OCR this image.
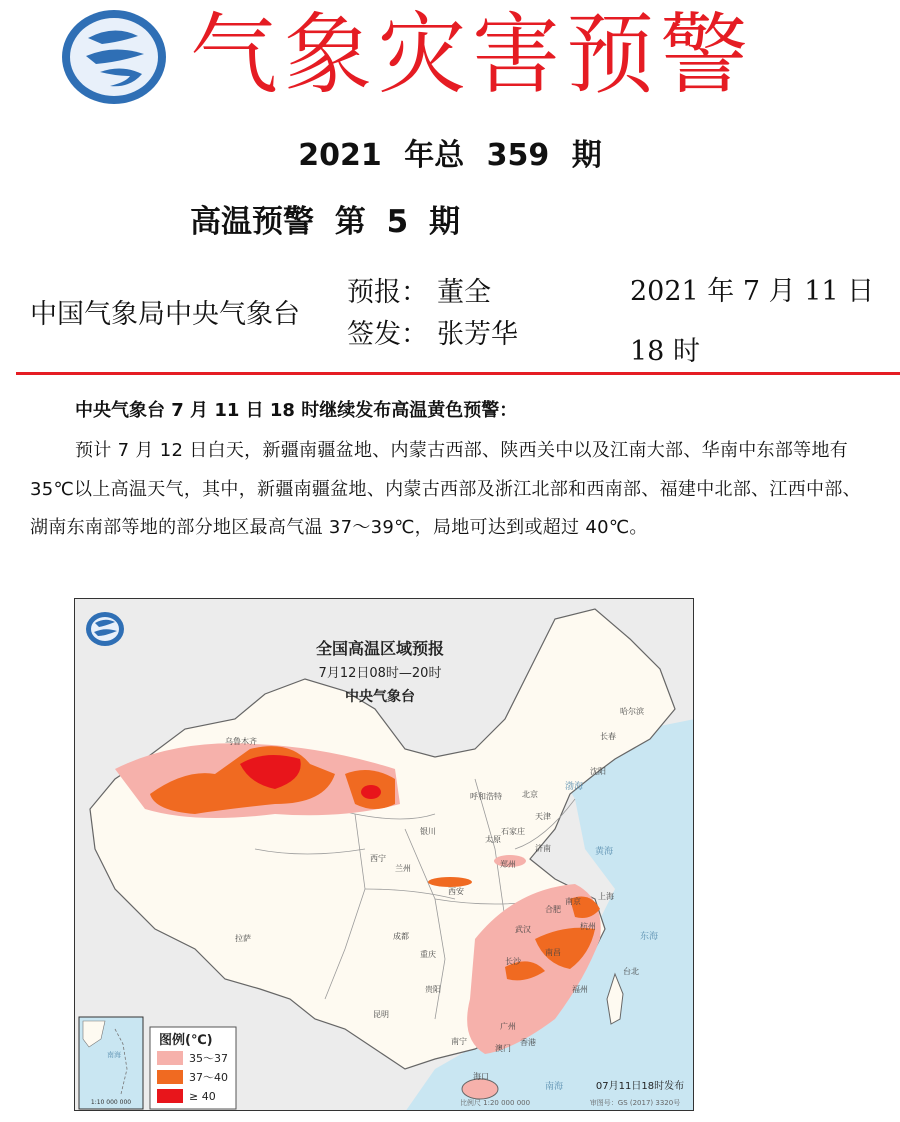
气象灾害预警
2021 年总 359 期
高温预警 第 5 期
中国气象局中央气象台
预报： 董全
签发： 张芳华
2021 年 7 月 11 日 18 时
中央气象台 7 月 11 日 18 时继续发布高温黄色预警：
预计 7 月 12 日白天，新疆南疆盆地、内蒙古西部、陕西关中以及江南大部、华南中东部等地有 35℃以上高温天气，其中，新疆南疆盆地、内蒙古西部及浙江北部和西南部、福建中北部、江西中部、湖南东南部等地的部分地区最高气温 37～39℃，局地可达到或超过 40℃。
全国高温区域预报
7月12日08时—20时
中央气象台
乌鲁木齐
哈尔滨
长春
沈阳
呼和浩特	北京
天津
石家庄
太原
银川
济南
西宁
兰州	郑州
西安
合肥
南京
上海
杭州
武汉
成都
重庆
长沙
南昌
拉萨
贵阳
昆明
福州
台北
南宁
广州
香港
澳门
海口
渤海
黄海
东海
南海
南海
1:10 000 000
图例(℃)
35～37
37～40
≥ 40
07月11日18时发布
比例尺 1:20 000 000	审图号：GS (2017) 3320号
